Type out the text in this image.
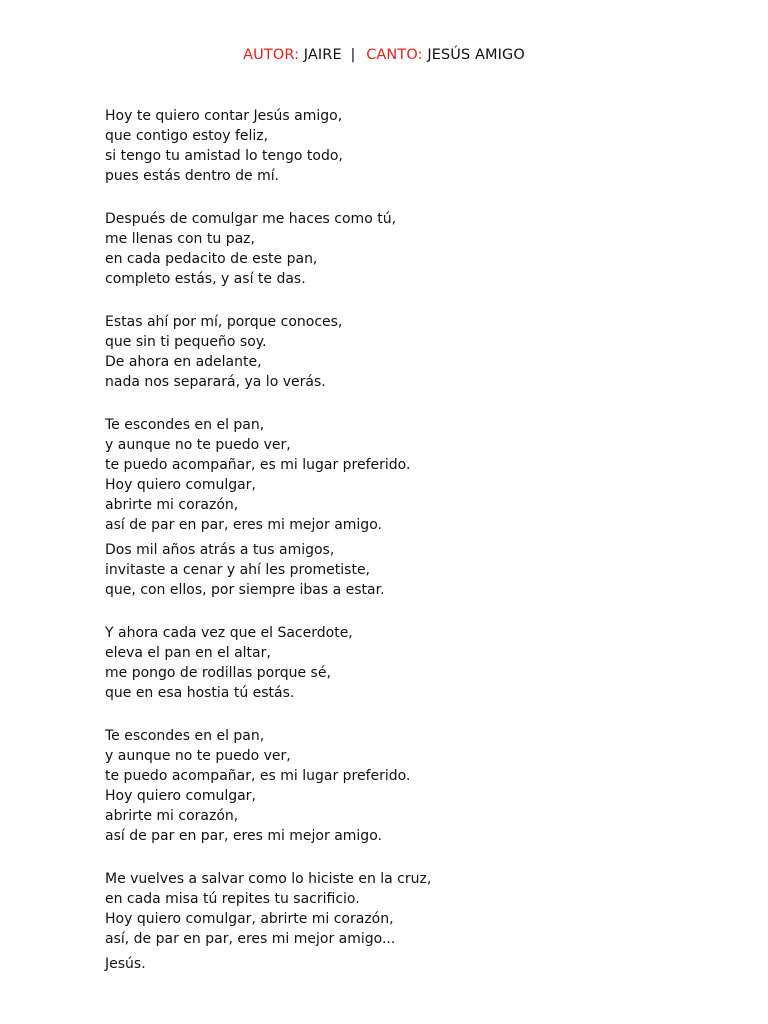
AUTOR: JAIRE | CANTO: JESÚS AMIGO
Hoy te quiero contar Jesús amigo,
que contigo estoy feliz,
si tengo tu amistad lo tengo todo,
pues estás dentro de mí.
Después de comulgar me haces como tú,
me llenas con tu paz,
en cada pedacito de este pan,
completo estás, y así te das.
Estas ahí por mí, porque conoces,
que sin ti pequeño soy.
De ahora en adelante,
nada nos separará, ya lo verás.
Te escondes en el pan,
y aunque no te puedo ver,
te puedo acompañar, es mi lugar preferido.
Hoy quiero comulgar,
abrirte mi corazón,
así de par en par, eres mi mejor amigo.
Dos mil años atrás a tus amigos,
invitaste a cenar y ahí les prometiste,
que, con ellos, por siempre ibas a estar.
Y ahora cada vez que el Sacerdote,
eleva el pan en el altar,
me pongo de rodillas porque sé,
que en esa hostia tú estás.
Te escondes en el pan,
y aunque no te puedo ver,
te puedo acompañar, es mi lugar preferido.
Hoy quiero comulgar,
abrirte mi corazón,
así de par en par, eres mi mejor amigo.
Me vuelves a salvar como lo hiciste en la cruz,
en cada misa tú repites tu sacrificio.
Hoy quiero comulgar, abrirte mi corazón,
así, de par en par, eres mi mejor amigo...
Jesús.
